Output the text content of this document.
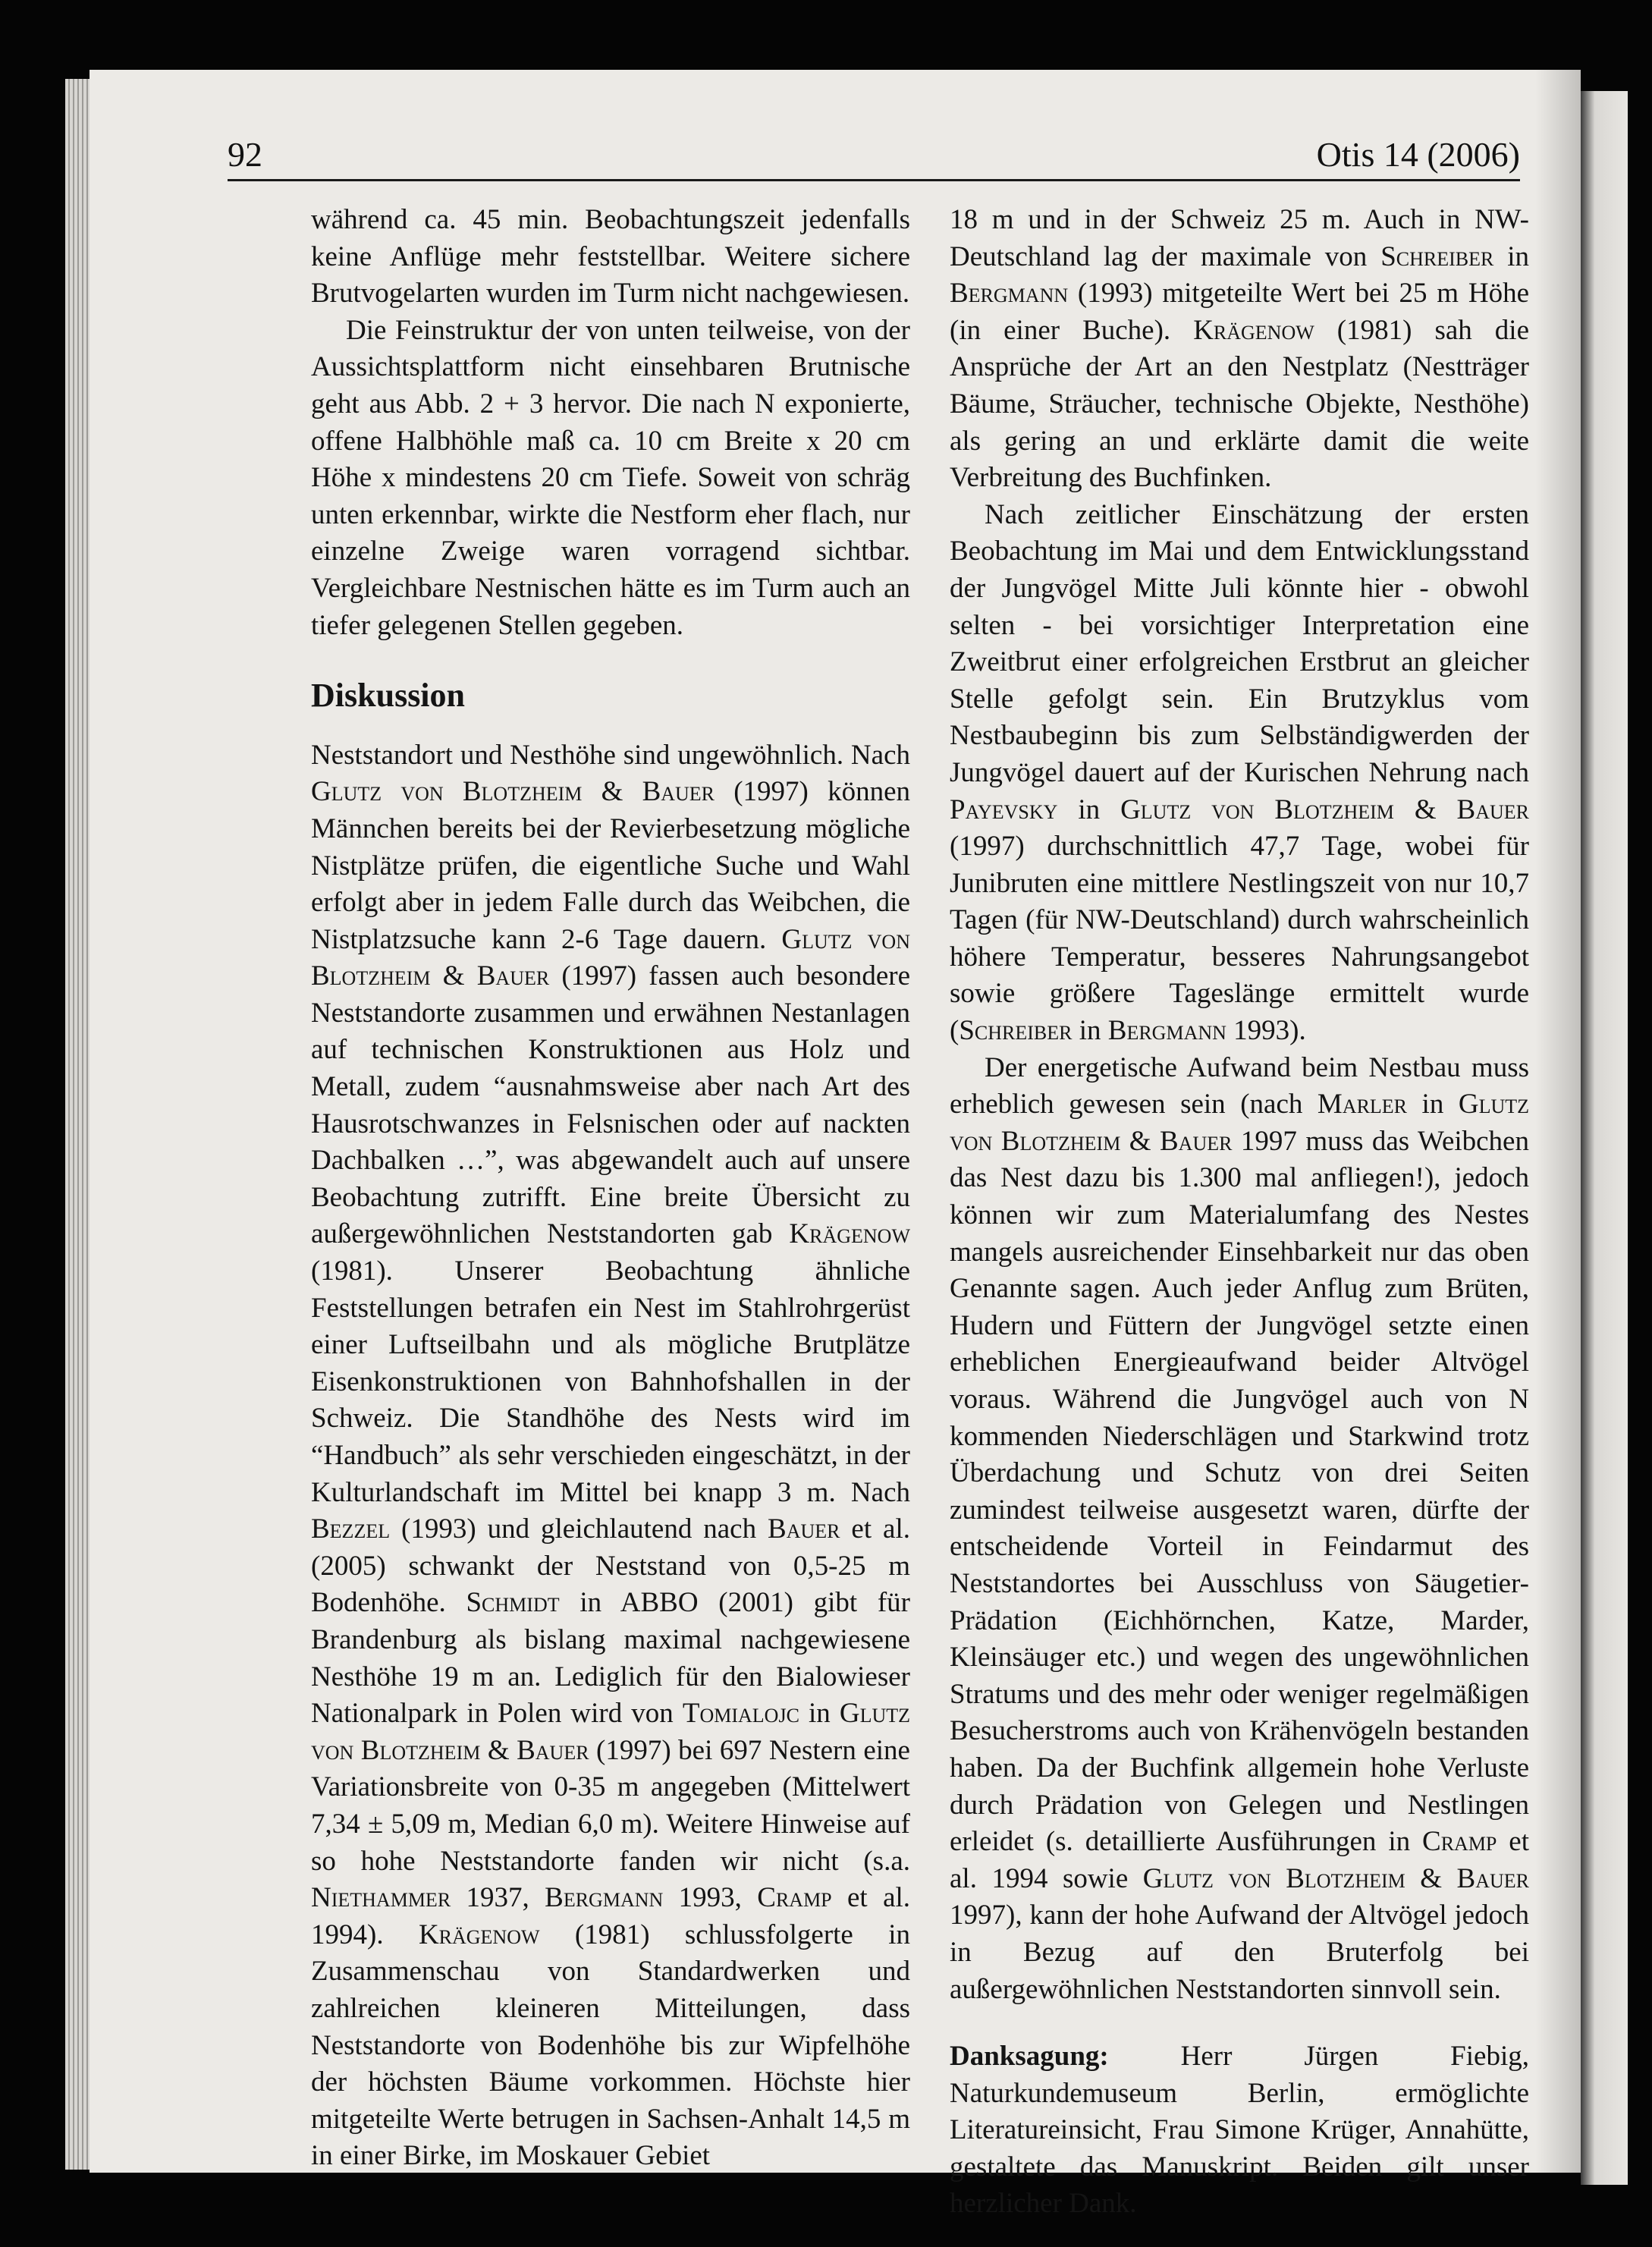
92	Otis 14 (2006)

während ca. 45 min. Beobachtungszeit jedenfalls keine Anflüge mehr feststellbar. Weitere sichere Brutvogelarten wurden im Turm nicht nachgewiesen.

Die Feinstruktur der von unten teilweise, von der Aussichtsplattform nicht einsehbaren Brutnische geht aus Abb. 2 + 3 hervor. Die nach N exponierte, offene Halbhöhle maß ca. 10 cm Breite x 20 cm Höhe x mindestens 20 cm Tiefe. Soweit von schräg unten erkennbar, wirkte die Nestform eher flach, nur einzelne Zweige waren vorragend sichtbar. Vergleichbare Nestnischen hätte es im Turm auch an tiefer gelegenen Stellen gegeben.

Diskussion

Neststandort und Nesthöhe sind ungewöhnlich. Nach Glutz von Blotzheim & Bauer (1997) können Männchen bereits bei der Revierbesetzung mögliche Nistplätze prüfen, die eigentliche Suche und Wahl erfolgt aber in jedem Falle durch das Weibchen, die Nistplatzsuche kann 2-6 Tage dauern. Glutz von Blotzheim & Bauer (1997) fassen auch besondere Neststandorte zusammen und erwähnen Nestanlagen auf technischen Konstruktionen aus Holz und Metall, zudem “ausnahmsweise aber nach Art des Hausrotschwanzes in Felsnischen oder auf nackten Dachbalken …”, was abgewandelt auch auf unsere Beobachtung zutrifft. Eine breite Übersicht zu außergewöhnlichen Neststandorten gab Krägenow (1981). Unserer Beobachtung ähnliche Feststellungen betrafen ein Nest im Stahlrohrgerüst einer Luftseilbahn und als mögliche Brutplätze Eisenkonstruktionen von Bahnhofshallen in der Schweiz. Die Standhöhe des Nests wird im “Handbuch” als sehr verschieden eingeschätzt, in der Kulturlandschaft im Mittel bei knapp 3 m. Nach Bezzel (1993) und gleichlautend nach Bauer et al. (2005) schwankt der Neststand von 0,5-25 m Bodenhöhe. Schmidt in ABBO (2001) gibt für Brandenburg als bislang maximal nachgewiesene Nesthöhe 19 m an. Lediglich für den Bialowieser Nationalpark in Polen wird von Tomialojc in Glutz von Blotzheim & Bauer (1997) bei 697 Nestern eine Variationsbreite von 0-35 m angegeben (Mittelwert 7,34 ± 5,09 m, Median 6,0 m). Weitere Hinweise auf so hohe Neststandorte fanden wir nicht (s.a. Niethammer 1937, Bergmann 1993, Cramp et al. 1994). Krägenow (1981) schlussfolgerte in Zusammenschau von Standardwerken und zahlreichen kleineren Mitteilungen, dass Neststandorte von Bodenhöhe bis zur Wipfelhöhe der höchsten Bäume vorkommen. Höchste hier mitgeteilte Werte betrugen in Sachsen-Anhalt 14,5 m in einer Birke, im Moskauer Gebiet

18 m und in der Schweiz 25 m. Auch in NW-Deutschland lag der maximale von Schreiber in Bergmann (1993) mitgeteilte Wert bei 25 m Höhe (in einer Buche). Krägenow (1981) sah die Ansprüche der Art an den Nestplatz (Nestträger Bäume, Sträucher, technische Objekte, Nesthöhe) als gering an und erklärte damit die weite Verbreitung des Buchfinken.

Nach zeitlicher Einschätzung der ersten Beobachtung im Mai und dem Entwicklungsstand der Jungvögel Mitte Juli könnte hier - obwohl selten - bei vorsichtiger Interpretation eine Zweitbrut einer erfolgreichen Erstbrut an gleicher Stelle gefolgt sein. Ein Brutzyklus vom Nestbaubeginn bis zum Selbständigwerden der Jungvögel dauert auf der Kurischen Nehrung nach Payevsky in Glutz von Blotzheim & Bauer (1997) durchschnittlich 47,7 Tage, wobei für Junibruten eine mittlere Nestlingszeit von nur 10,7 Tagen (für NW-Deutschland) durch wahrscheinlich höhere Temperatur, besseres Nahrungsangebot sowie größere Tageslänge ermittelt wurde (Schreiber in Bergmann 1993).

Der energetische Aufwand beim Nestbau muss erheblich gewesen sein (nach Marler in Glutz von Blotzheim & Bauer 1997 muss das Weibchen das Nest dazu bis 1.300 mal anfliegen!), jedoch können wir zum Materialumfang des Nestes mangels ausreichender Einsehbarkeit nur das oben Genannte sagen. Auch jeder Anflug zum Brüten, Hudern und Füttern der Jungvögel setzte einen erheblichen Energieaufwand beider Altvögel voraus. Während die Jungvögel auch von N kommenden Niederschlägen und Starkwind trotz Überdachung und Schutz von drei Seiten zumindest teilweise ausgesetzt waren, dürfte der entscheidende Vorteil in Feindarmut des Neststandortes bei Ausschluss von Säugetier-Prädation (Eichhörnchen, Katze, Marder, Kleinsäuger etc.) und wegen des ungewöhnlichen Stratums und des mehr oder weniger regelmäßigen Besucherstroms auch von Krähenvögeln bestanden haben. Da der Buchfink allgemein hohe Verluste durch Prädation von Gelegen und Nestlingen erleidet (s. detaillierte Ausführungen in Cramp et al. 1994 sowie Glutz von Blotzheim & Bauer 1997), kann der hohe Aufwand der Altvögel jedoch in Bezug auf den Bruterfolg bei außergewöhnlichen Neststandorten sinnvoll sein.

Danksagung: Herr Jürgen Fiebig, Naturkundemuseum Berlin, ermöglichte Literatureinsicht, Frau Simone Krüger, Annahütte, gestaltete das Manuskript. Beiden gilt unser herzlicher Dank.
